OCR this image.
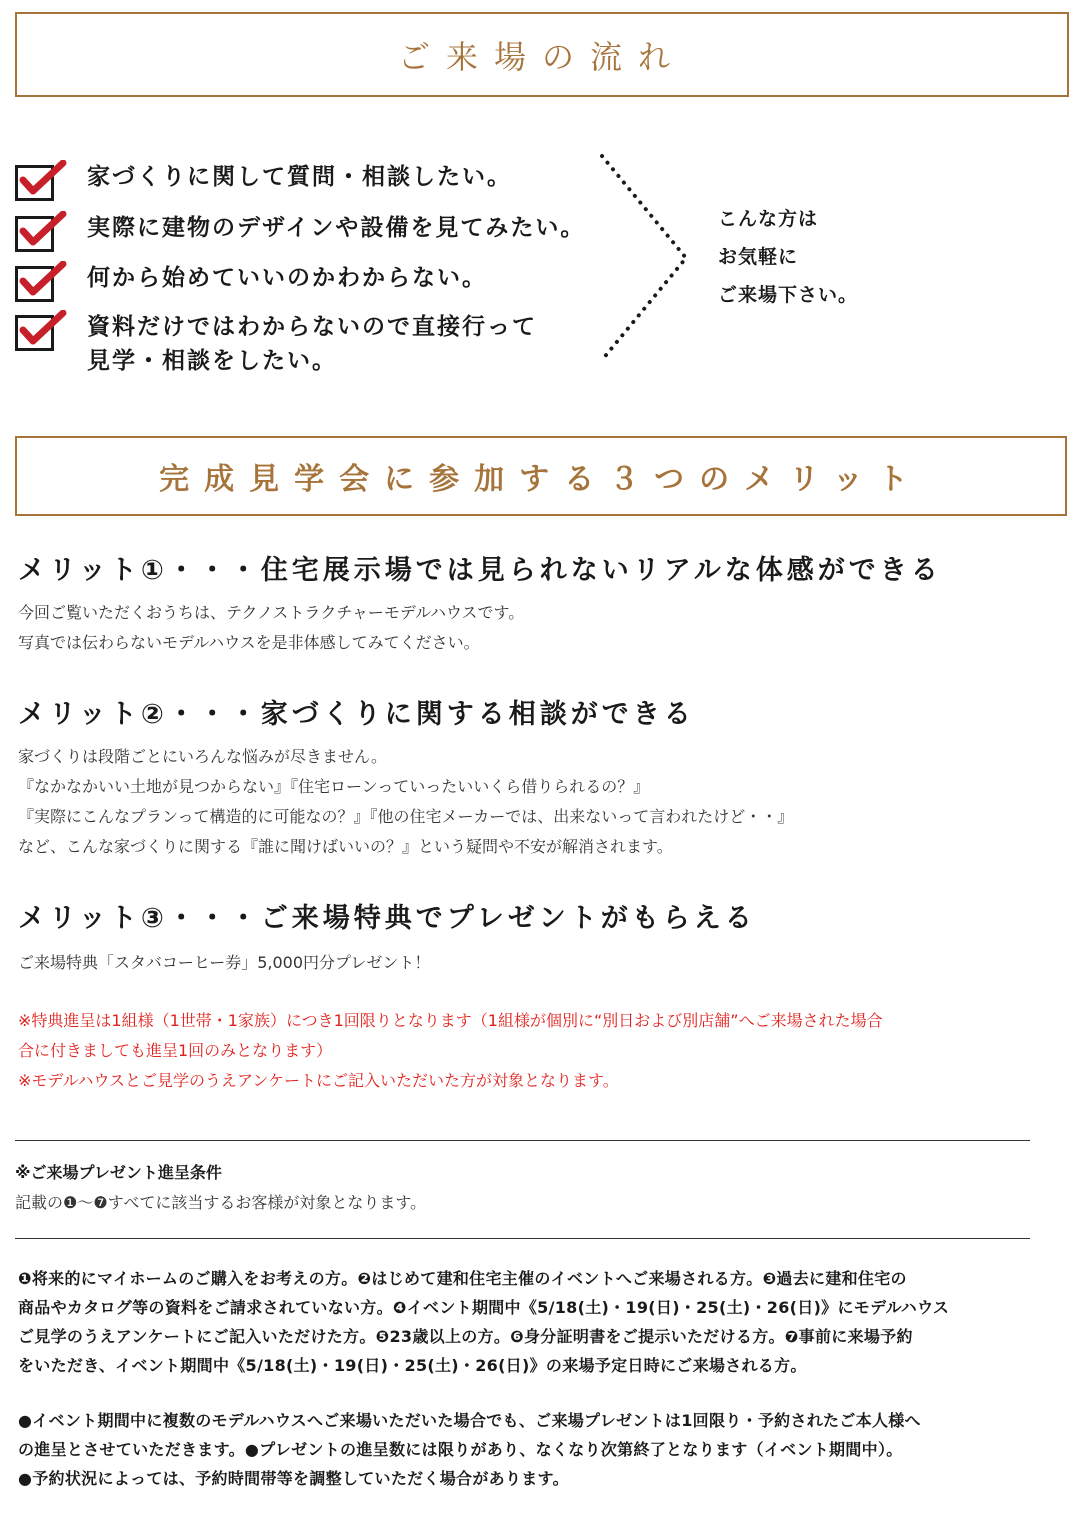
ご来場の流れ
家づくりに関して質問・相談したい。
実際に建物のデザインや設備を見てみたい。
何から始めていいのかわからない。
資料だけではわからないので直接行って
見学・相談をしたい。
こんな方は
お気軽に
ご来場下さい。
完成見学会に参加する３つのメリット
メリット①・・・住宅展示場では見られないリアルな体感ができる
今回ご覧いただくおうちは、テクノストラクチャーモデルハウスです。
写真では伝わらないモデルハウスを是非体感してみてください。
メリット②・・・家づくりに関する相談ができる
家づくりは段階ごとにいろんな悩みが尽きません。
『なかなかいい土地が見つからない』『住宅ローンっていったいいくら借りられるの？』
『実際にこんなプランって構造的に可能なの？』『他の住宅メーカーでは、出来ないって言われたけど・・』
など、こんな家づくりに関する『誰に聞けばいいの？』という疑問や不安が解消されます。
メリット③・・・ご来場特典でプレゼントがもらえる
ご来場特典「スタバコーヒー券」5,000円分プレゼント！
※特典進呈は1組様（1世帯・1家族）につき1回限りとなります（1組様が個別に“別日および別店舗”へご来場された場合
合に付きましても進呈1回のみとなります）
※モデルハウスとご見学のうえアンケートにご記入いただいた方が対象となります。
※ご来場プレゼント進呈条件
記載の❶〜❼すべてに該当するお客様が対象となります。
❶将来的にマイホームのご購入をお考えの方。❷はじめて建和住宅主催のイベントへご来場される方。❸過去に建和住宅の
商品やカタログ等の資料をご請求されていない方。❹イベント期間中《5/18(土)・19(日)・25(土)・26(日)》にモデルハウス
ご見学のうえアンケートにご記入いただけた方。❺23歳以上の方。❻身分証明書をご提示いただける方。❼事前に来場予約
をいただき、イベント期間中《5/18(土)・19(日)・25(土)・26(日)》の来場予定日時にご来場される方。
●イベント期間中に複数のモデルハウスへご来場いただいた場合でも、ご来場プレゼントは1回限り・予約されたご本人様へ
の進呈とさせていただきます。●プレゼントの進呈数には限りがあり、なくなり次第終了となります（イベント期間中）。
●予約状況によっては、予約時間帯等を調整していただく場合があります。
